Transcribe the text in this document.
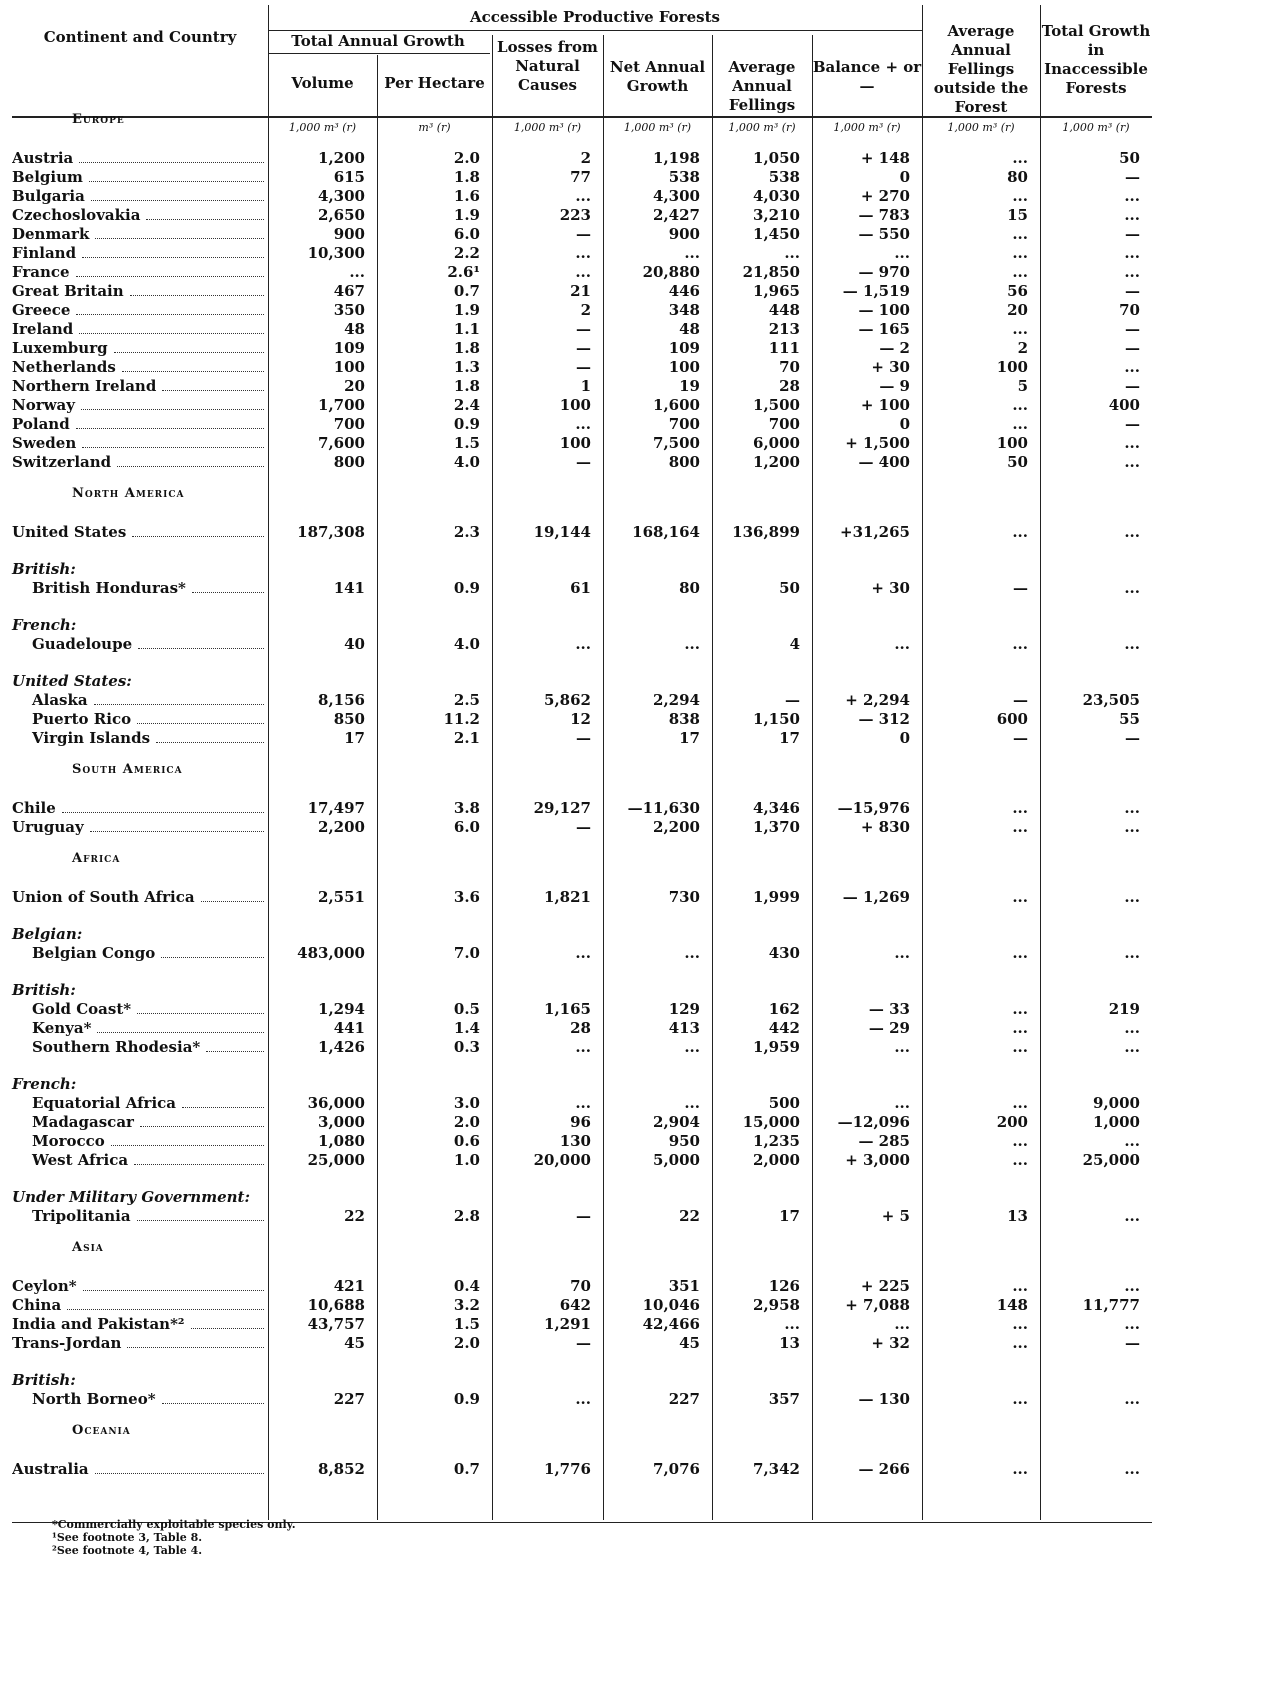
Continent and Country
Accessible Productive Forests
Total Annual Growth
Volume	Per Hectare
Losses from Natural Causes
Net Annual Growth
Average Annual Fellings
Balance + or —
Average Annual Fellings outside the Forest
Total Growth in Inaccessible Forests
1,000 m³ (r)	m³ (r)	1,000 m³ (r)	1,000 m³ (r)	1,000 m³ (r)	1,000 m³ (r)	1,000 m³ (r)	1,000 m³ (r)
Europe
Austria	1,200	2.0	2	1,198	1,050	+ 148	...	50
Belgium	615	1.8	77	538	538	0	80	—
Bulgaria	4,300	1.6	...	4,300	4,030	+ 270	...	...
Czechoslovakia	2,650	1.9	223	2,427	3,210	— 783	15	...
Denmark	900	6.0	—	900	1,450	— 550	...	—
Finland	10,300	2.2	...	...	...	...	...	...
France	...	2.6¹	...	20,880	21,850	— 970	...	...
Great Britain	467	0.7	21	446	1,965	— 1,519	56	—
Greece	350	1.9	2	348	448	— 100	20	70
Ireland	48	1.1	—	48	213	— 165	...	—
Luxemburg	109	1.8	—	109	111	— 2	2	—
Netherlands	100	1.3	—	100	70	+ 30	100	...
Northern Ireland	20	1.8	1	19	28	— 9	5	—
Norway	1,700	2.4	100	1,600	1,500	+ 100	...	400
Poland	700	0.9	...	700	700	0	...	—
Sweden	7,600	1.5	100	7,500	6,000	+ 1,500	100	...
Switzerland	800	4.0	—	800	1,200	— 400	50	...
North America
United States	187,308	2.3	19,144	168,164	136,899	+31,265	...	...
British:
British Honduras*	141	0.9	61	80	50	+ 30	—	...
French:
Guadeloupe	40	4.0	...	...	4	...	...	...
United States:
Alaska	8,156	2.5	5,862	2,294	—	+ 2,294	—	23,505
Puerto Rico	850	11.2	12	838	1,150	— 312	600	55
Virgin Islands	17	2.1	—	17	17	0	—	—
South America
Chile	17,497	3.8	29,127	—11,630	4,346	—15,976	...	...
Uruguay	2,200	6.0	—	2,200	1,370	+ 830	...	...
Africa
Union of South Africa	2,551	3.6	1,821	730	1,999	— 1,269	...	...
Belgian:
Belgian Congo	483,000	7.0	...	...	430	...	...	...
British:
Gold Coast*	1,294	0.5	1,165	129	162	— 33	...	219
Kenya*	441	1.4	28	413	442	— 29	...	...
Southern Rhodesia*	1,426	0.3	...	...	1,959	...	...	...
French:
Equatorial Africa	36,000	3.0	...	...	500	...	...	9,000
Madagascar	3,000	2.0	96	2,904	15,000	—12,096	200	1,000
Morocco	1,080	0.6	130	950	1,235	— 285	...	...
West Africa	25,000	1.0	20,000	5,000	2,000	+ 3,000	...	25,000
Under Military Government:
Tripolitania	22	2.8	—	22	17	+ 5	13	...
Asia
Ceylon*	421	0.4	70	351	126	+ 225	...	...
China	10,688	3.2	642	10,046	2,958	+ 7,088	148	11,777
India and Pakistan*²	43,757	1.5	1,291	42,466	...	...	...	...
Trans-Jordan	45	2.0	—	45	13	+ 32	...	—
British:
North Borneo*	227	0.9	...	227	357	— 130	...	...
Oceania
Australia	8,852	0.7	1,776	7,076	7,342	— 266	...	...
*Commercially exploitable species only.
¹See footnote 3, Table 8.
²See footnote 4, Table 4.
